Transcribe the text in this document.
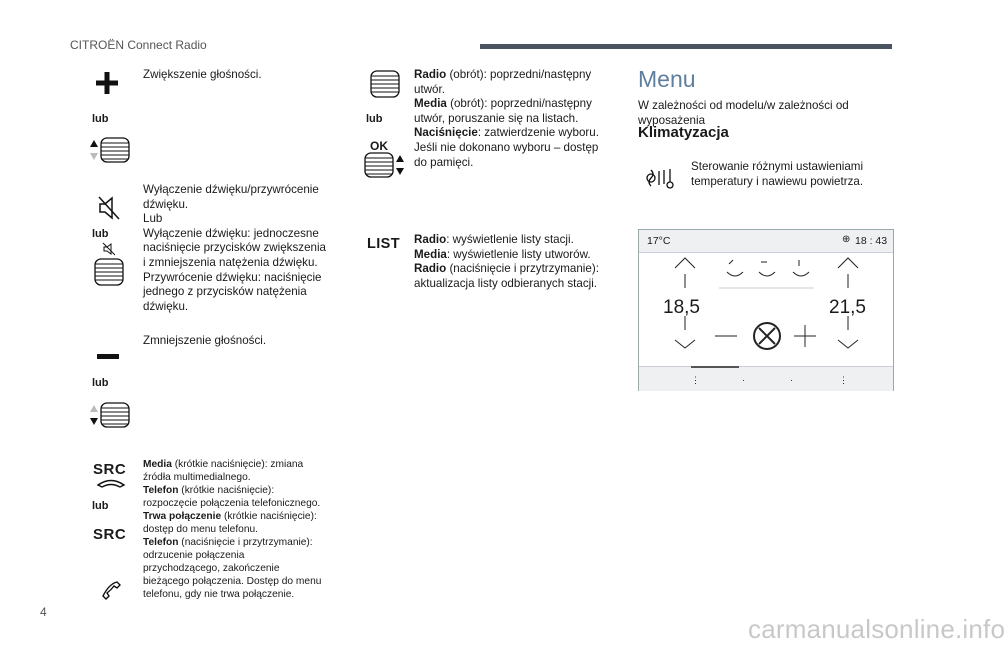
CITROËN Connect Radio
Zwiększenie głośności.
lub
Wyłączenie dźwięku/przywrócenie
dźwięku.
Lub
Wyłączenie dźwięku: jednoczesne
naciśnięcie przycisków zwiększenia
i zmniejszenia natężenia dźwięku.
Przywrócenie dźwięku: naciśnięcie
jednego z przycisków natężenia
dźwięku.
lub
Zmniejszenie głośności.
lub
SRC
lub
SRC
Media (krótkie naciśnięcie): zmiana
źródła multimedialnego.
Telefon (krótkie naciśnięcie):
rozpoczęcie połączenia telefonicznego.
Trwa połączenie (krótkie naciśnięcie):
dostęp do menu telefonu.
Telefon (naciśnięcie i przytrzymanie):
odrzucenie połączenia
przychodzącego, zakończenie
bieżącego połączenia. Dostęp do menu
telefonu, gdy nie trwa połączenie.
lub
OK
Radio (obrót): poprzedni/następny
utwór.
Media (obrót): poprzedni/następny
utwór, poruszanie się na listach.
Naciśnięcie: zatwierdzenie wyboru.
Jeśli nie dokonano wyboru – dostęp
do pamięci.
LIST Radio: wyświetlenie listy stacji.
Media: wyświetlenie listy utworów.
Radio (naciśnięcie i przytrzymanie):
aktualizacja listy odbieranych stacji.
Menu
W zależności od modelu/w zależności od
wyposażenia
Klimatyzacja
Sterowanie różnymi ustawieniami
temperatury i nawiewu powietrza.
17°C	⊕ 18 : 43
18,5	21,5
⋮	·	·	⋮
4
carmanualsonline.info
